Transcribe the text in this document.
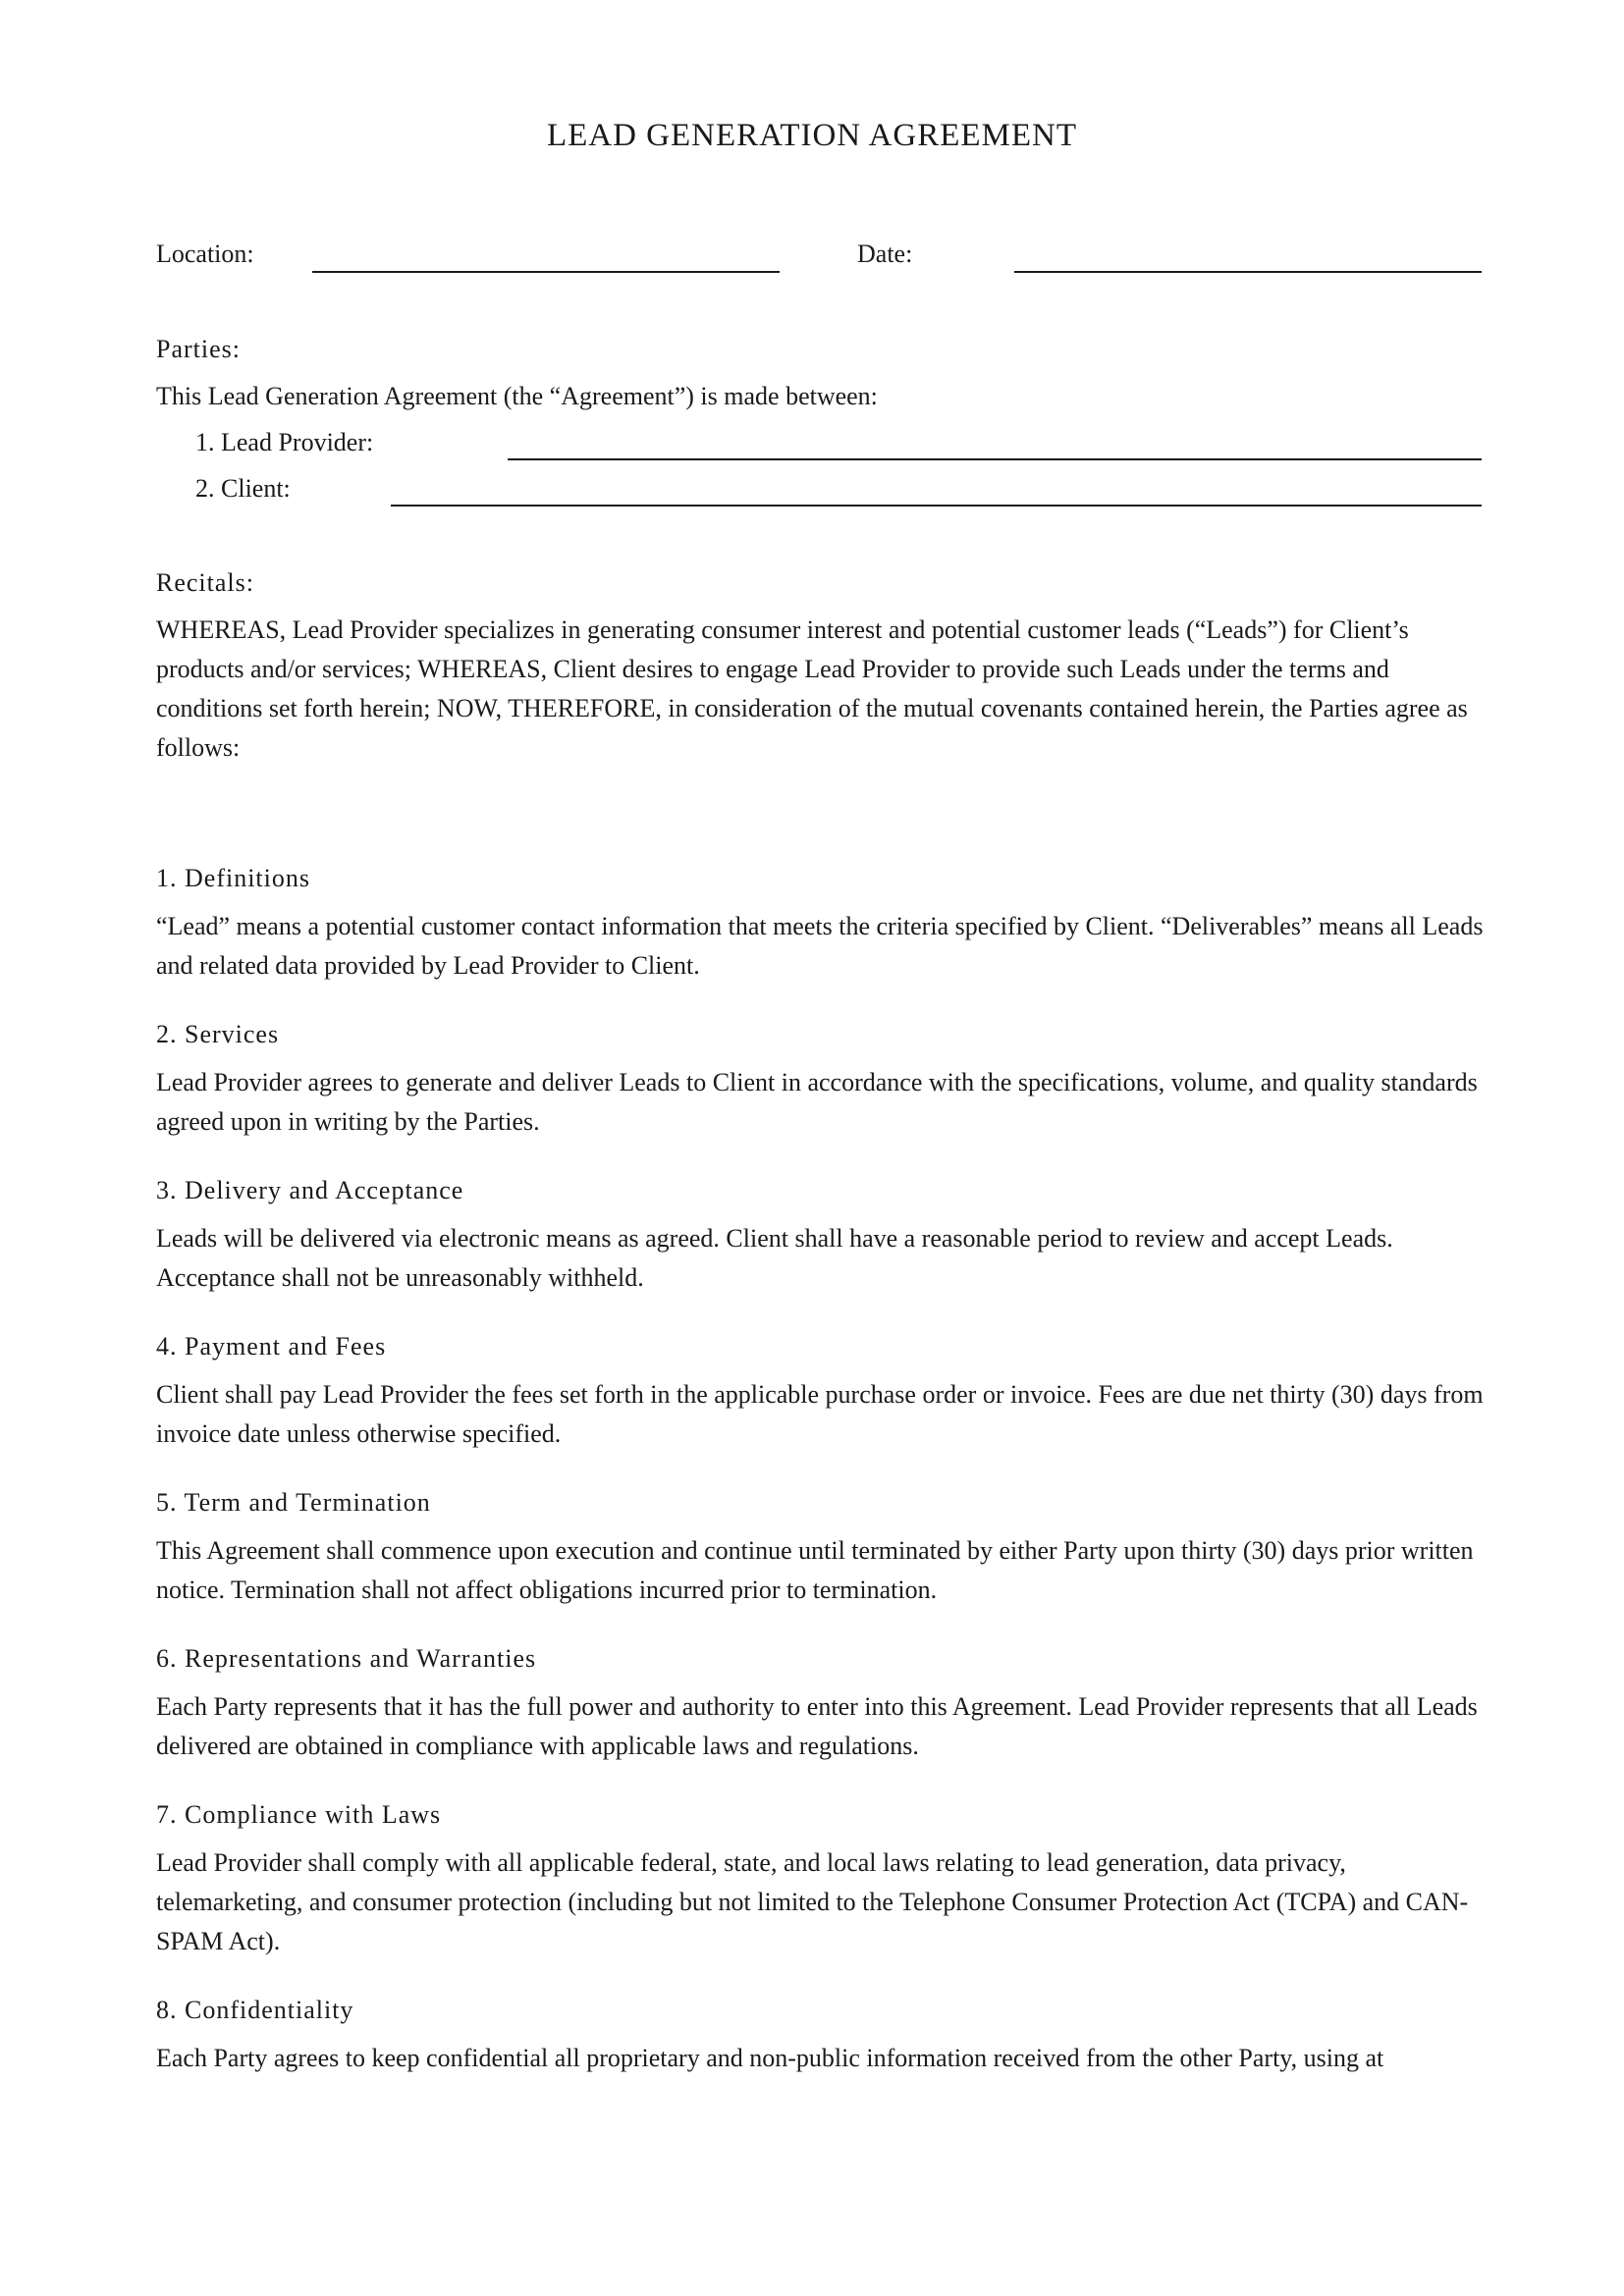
LEAD GENERATION AGREEMENT
Location:	Date:
Parties:
This Lead Generation Agreement (the “Agreement”) is made between:
1. Lead Provider:
2. Client:
Recitals:

WHEREAS, Lead Provider specializes in generating consumer interest and potential customer leads (“Leads”) for Client’s products and/or services; WHEREAS, Client desires to engage Lead Provider to provide such Leads under the terms and conditions set forth herein; NOW, THEREFORE, in consideration of the mutual covenants contained herein, the Parties agree as follows:

1. Definitions

“Lead” means a potential customer contact information that meets the criteria specified by Client. “Deliverables” means all Leads and related data provided by Lead Provider to Client.

2. Services

Lead Provider agrees to generate and deliver Leads to Client in accordance with the specifications, volume, and quality standards agreed upon in writing by the Parties.

3. Delivery and Acceptance

Leads will be delivered via electronic means as agreed. Client shall have a reasonable period to review and accept Leads. Acceptance shall not be unreasonably withheld.

4. Payment and Fees

Client shall pay Lead Provider the fees set forth in the applicable purchase order or invoice. Fees are due net thirty (30) days from invoice date unless otherwise specified.

5. Term and Termination

This Agreement shall commence upon execution and continue until terminated by either Party upon thirty (30) days prior written notice. Termination shall not affect obligations incurred prior to termination.

6. Representations and Warranties

Each Party represents that it has the full power and authority to enter into this Agreement. Lead Provider represents that all Leads delivered are obtained in compliance with applicable laws and regulations.

7. Compliance with Laws

Lead Provider shall comply with all applicable federal, state, and local laws relating to lead generation, data privacy, telemarketing, and consumer protection (including but not limited to the Telephone Consumer Protection Act (TCPA) and CAN-SPAM Act).

8. Confidentiality

Each Party agrees to keep confidential all proprietary and non-public information received from the other Party, using at
